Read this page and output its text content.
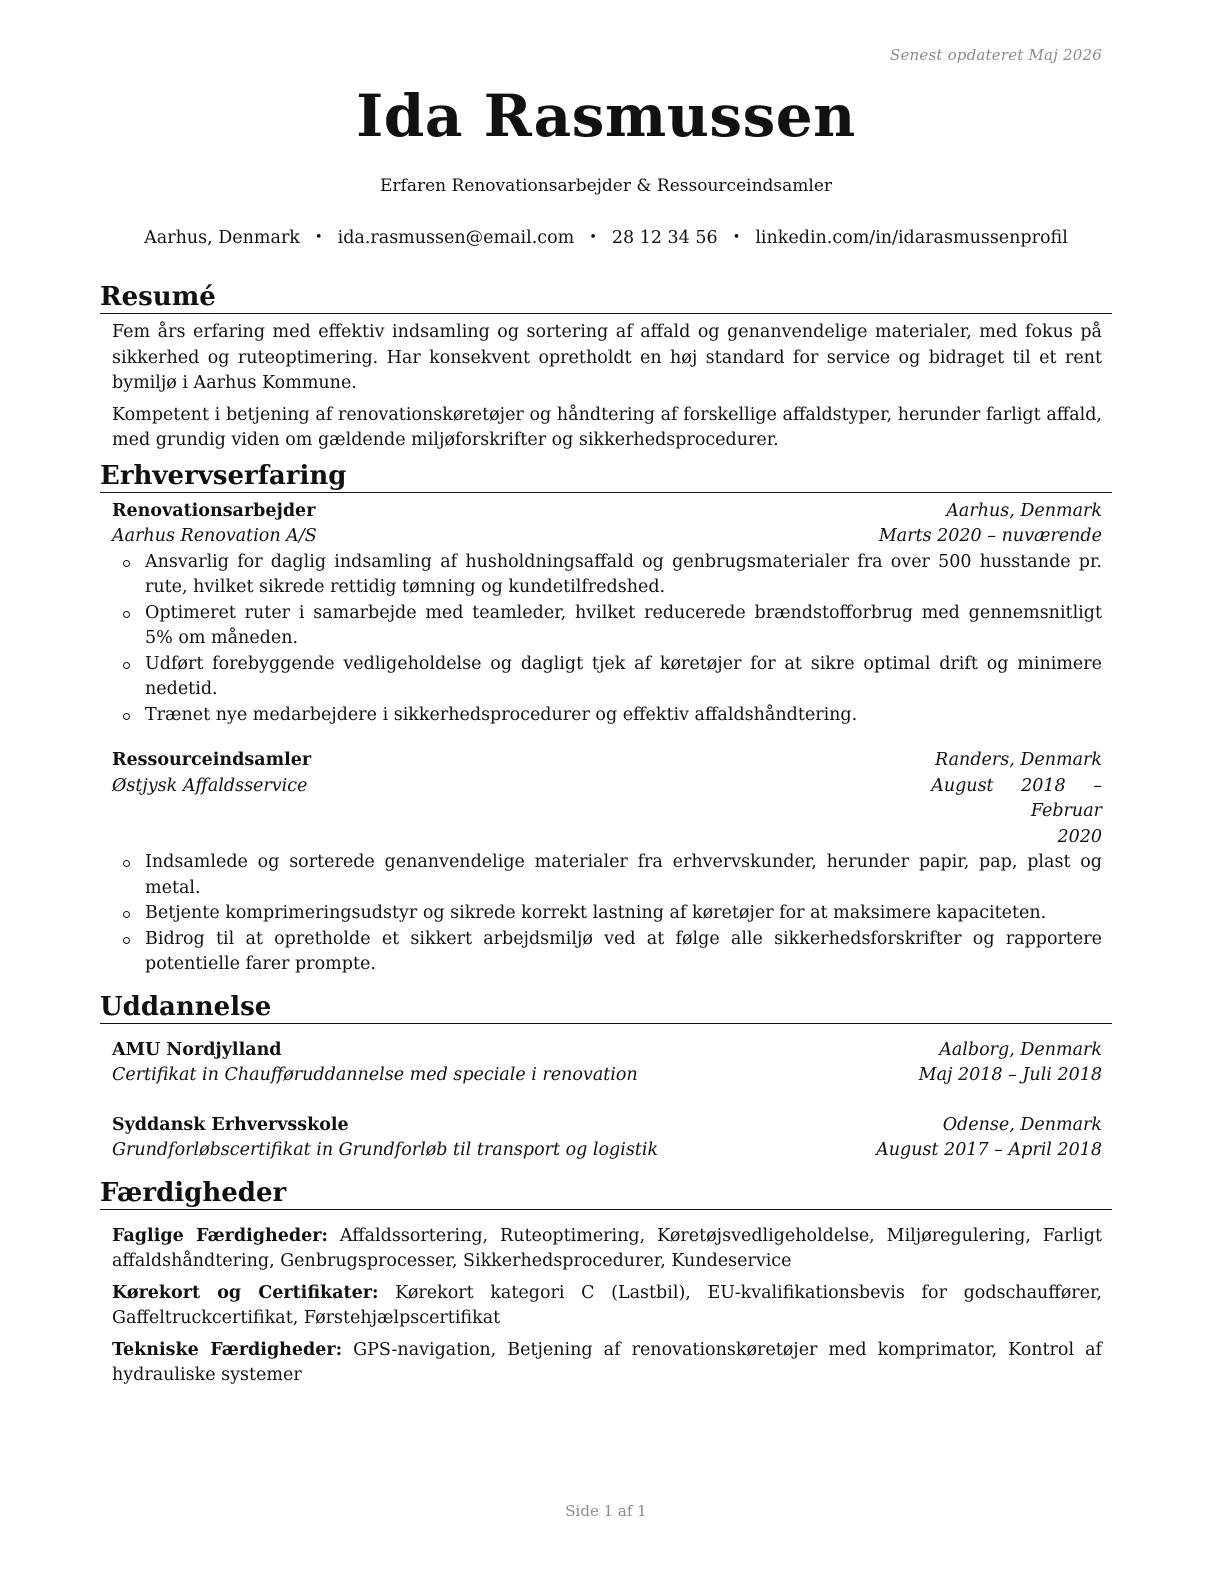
Senest opdateret Maj 2026
Ida Rasmussen
Erfaren Renovationsarbejder & Ressourceindsamler
Aarhus, Denmark • ida.rasmussen@email.com • 28 12 34 56 • linkedin.com/in/idarasmussenprofil
Resumé
Fem års erfaring med effektiv indsamling og sortering af affald og genanvendelige materialer, med fokus på sikkerhed og ruteoptimering. Har konsekvent opretholdt en høj standard for service og bidraget til et rent bymiljø i Aarhus Kommune.
Kompetent i betjening af renovationskøretøjer og håndtering af forskellige affaldstyper, herunder farligt affald, med grundig viden om gældende miljøforskrifter og sikkerhedsprocedurer.
Erhvervserfaring
Renovationsarbejder	Aarhus, Denmark
Aarhus Renovation A/S	Marts 2020 – nuværende
Ansvarlig for daglig indsamling af husholdningsaffald og genbrugsmaterialer fra over 500 husstande pr. rute, hvilket sikrede rettidig tømning og kundetilfredshed.
Optimeret ruter i samarbejde med teamleder, hvilket reducerede brændstofforbrug med gennemsnitligt 5% om måneden.
Udført forebyggende vedligeholdelse og dagligt tjek af køretøjer for at sikre optimal drift og minimere nedetid.
Trænet nye medarbejdere i sikkerhedsprocedurer og effektiv affaldshåndtering.
Ressourceindsamler	Randers, Denmark
Østjysk Affaldsservice	August 2018 – Februar
2020
Indsamlede og sorterede genanvendelige materialer fra erhvervskunder, herunder papir, pap, plast og metal.
Betjente komprimeringsudstyr og sikrede korrekt lastning af køretøjer for at maksimere kapaciteten.
Bidrog til at opretholde et sikkert arbejdsmiljø ved at følge alle sikkerhedsforskrifter og rapportere potentielle farer prompte.
Uddannelse
AMU Nordjylland	Aalborg, Denmark
Certifikat in Chaufføruddannelse med speciale i renovation	Maj 2018 – Juli 2018
Syddansk Erhvervsskole	Odense, Denmark
Grundforløbscertifikat in Grundforløb til transport og logistik	August 2017 – April 2018
Færdigheder
Faglige Færdigheder: Affaldssortering, Ruteoptimering, Køretøjsvedligeholdelse, Miljøregulering, Farligt affaldshåndtering, Genbrugsprocesser, Sikkerhedsprocedurer, Kundeservice
Kørekort og Certifikater: Kørekort kategori C (Lastbil), EU-kvalifikationsbevis for godschauffører, Gaffeltruckcertifikat, Førstehjælpscertifikat
Tekniske Færdigheder: GPS-navigation, Betjening af renovationskøretøjer med komprimator, Kontrol af hydrauliske systemer
Side 1 af 1
